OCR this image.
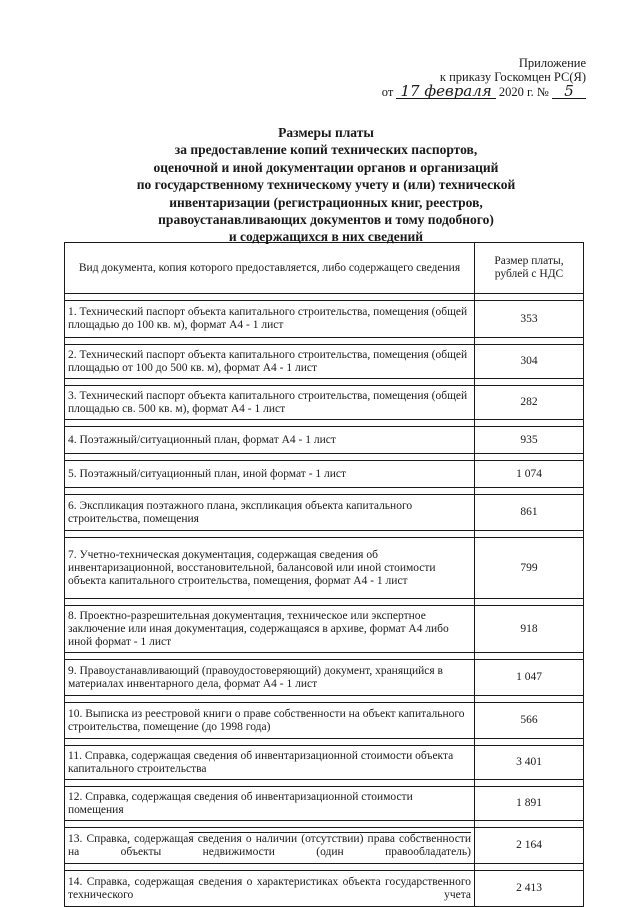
Приложение
к приказу Госкомцен РС(Я)
от 17 февраля 2020 г. № 5
Размеры платы
за предоставление копий технических паспортов,
оценочной и иной документации органов и организаций
по государственному техническому учету и (или) технической
инвентаризации (регистрационных книг, реестров,
правоустанавливающих документов и тому подобного)
и содержащихся в них сведений
Вид документа, копия которого предоставляется, либо содержащего сведения	Размер платы, рублей с НДС

1. Технический паспорт объекта капитального строительства, помещения (общей площадью до 100 кв. м), формат А4 - 1 лист	353

2. Технический паспорт объекта капитального строительства, помещения (общей площадью от 100 до 500 кв. м), формат А4 - 1 лист	304

3. Технический паспорт объекта капитального строительства, помещения (общей площадью св. 500 кв. м), формат А4 - 1 лист	282

4. Поэтажный/ситуационный план, формат А4 - 1 лист	935

5. Поэтажный/ситуационный план, иной формат - 1 лист	1 074

6. Экспликация поэтажного плана, экспликация объекта капитального строительства, помещения	861

7. Учетно-техническая документация, содержащая сведения об инвентаризационной, восстановительной, балансовой или иной стоимости объекта капитального строительства, помещения, формат А4 - 1 лист	799

8. Проектно-разрешительная документация, техническое или экспертное заключение или иная документация, содержащаяся в архиве, формат А4 либо иной формат - 1 лист	918

9. Правоустанавливающий (правоудостоверяющий) документ, хранящийся в материалах инвентарного дела, формат А4 - 1 лист	1 047

10. Выписка из реестровой книги о праве собственности на объект капитального строительства, помещение (до 1998 года)	566

11. Справка, содержащая сведения об инвентаризационной стоимости объекта капитального строительства	3 401

12. Справка, содержащая сведения об инвентаризационной стоимости помещения	1 891

13. Справка, содержащая сведения о наличии (отсутствии) права собственности на объекты недвижимости (один правообладатель)	2 164

14. Справка, содержащая сведения о характеристиках объекта государственного технического учета	2 413
